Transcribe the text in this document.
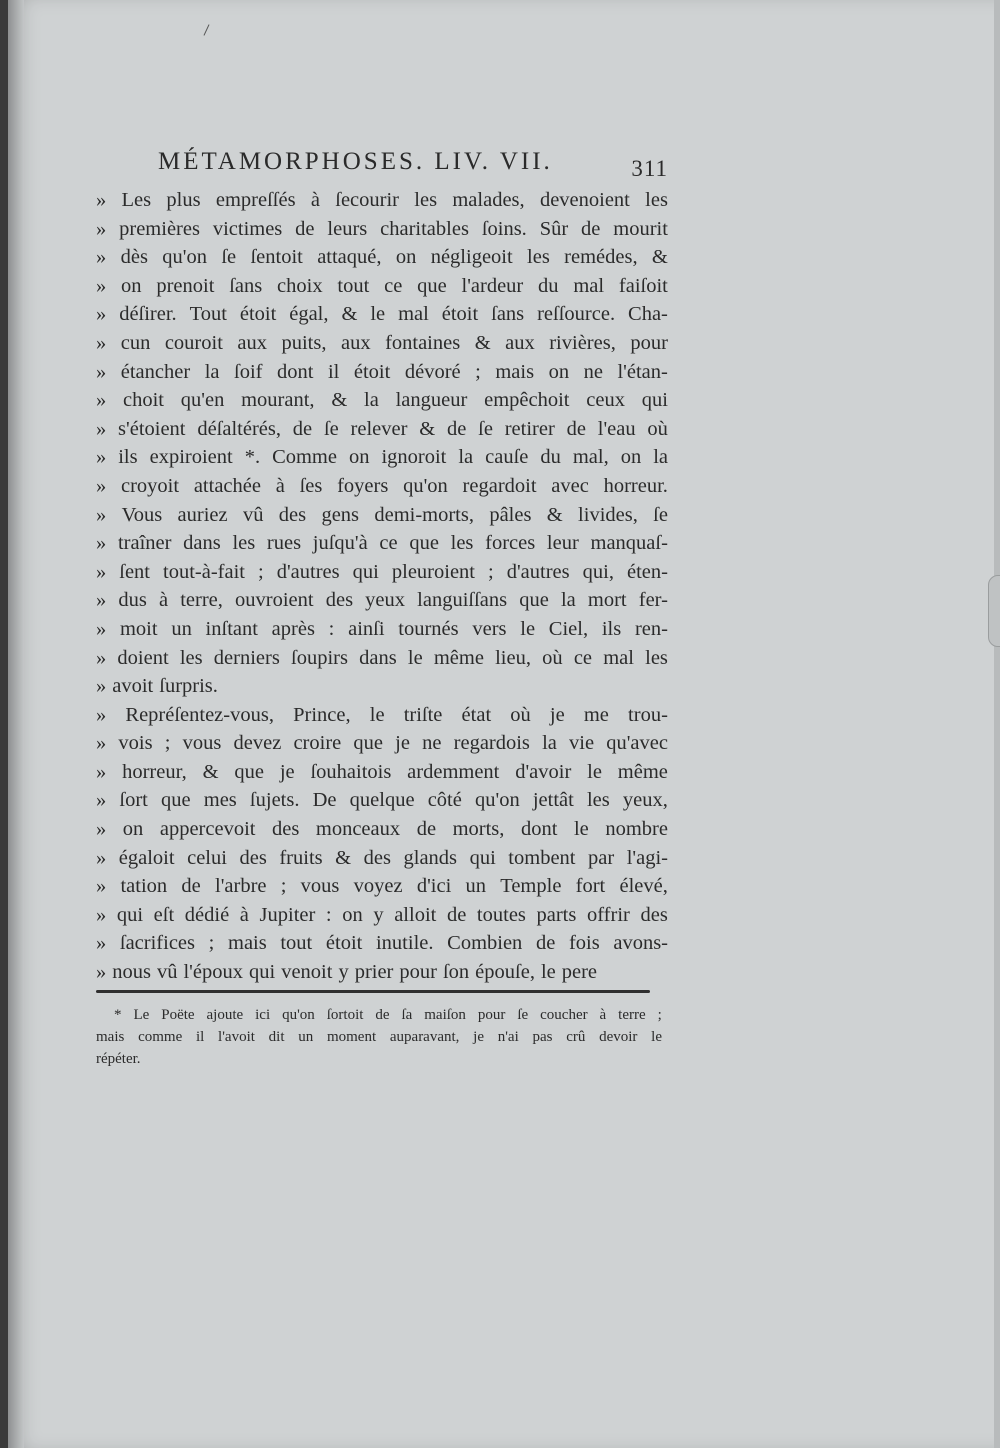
MÉTAMORPHOSES. LIV. VII.	311
» Les plus empreſſés à ſecourir les malades, devenoient les
» premières victimes de leurs charitables ſoins. Sûr de mourit
» dès qu'on ſe ſentoit attaqué, on négligeoit les remédes, &
» on prenoit ſans choix tout ce que l'ardeur du mal faiſoit
» déſirer. Tout étoit égal, & le mal étoit ſans reſſource. Cha-
» cun couroit aux puits, aux fontaines & aux rivières, pour
» étancher la ſoif dont il étoit dévoré ; mais on ne l'étan-
» choit qu'en mourant, & la langueur empêchoit ceux qui
» s'étoient déſaltérés, de ſe relever & de ſe retirer de l'eau où
» ils expiroient *. Comme on ignoroit la cauſe du mal, on la
» croyoit attachée à ſes foyers qu'on regardoit avec horreur.
» Vous auriez vû des gens demi-morts, pâles & livides, ſe
» traîner dans les rues juſqu'à ce que les forces leur manquaſ-
» ſent tout-à-fait ; d'autres qui pleuroient ; d'autres qui, éten-
» dus à terre, ouvroient des yeux languiſſans que la mort fer-
» moit un inſtant après : ainſi tournés vers le Ciel, ils ren-
» doient les derniers ſoupirs dans le même lieu, où ce mal les
» avoit ſurpris.
» Repréſentez-vous, Prince, le triſte état où je me trou-
» vois ; vous devez croire que je ne regardois la vie qu'avec
» horreur, & que je ſouhaitois ardemment d'avoir le même
» ſort que mes ſujets. De quelque côté qu'on jettât les yeux,
» on appercevoit des monceaux de morts, dont le nombre
» égaloit celui des fruits & des glands qui tombent par l'agi-
» tation de l'arbre ; vous voyez d'ici un Temple fort élevé,
» qui eſt dédié à Jupiter : on y alloit de toutes parts offrir des
» ſacrifices ; mais tout étoit inutile. Combien de fois avons-
» nous vû l'époux qui venoit y prier pour ſon épouſe, le pere
* Le Poëte ajoute ici qu'on ſortoit de ſa maiſon pour ſe coucher à terre ;
mais comme il l'avoit dit un moment auparavant, je n'ai pas crû devoir le
répéter.
